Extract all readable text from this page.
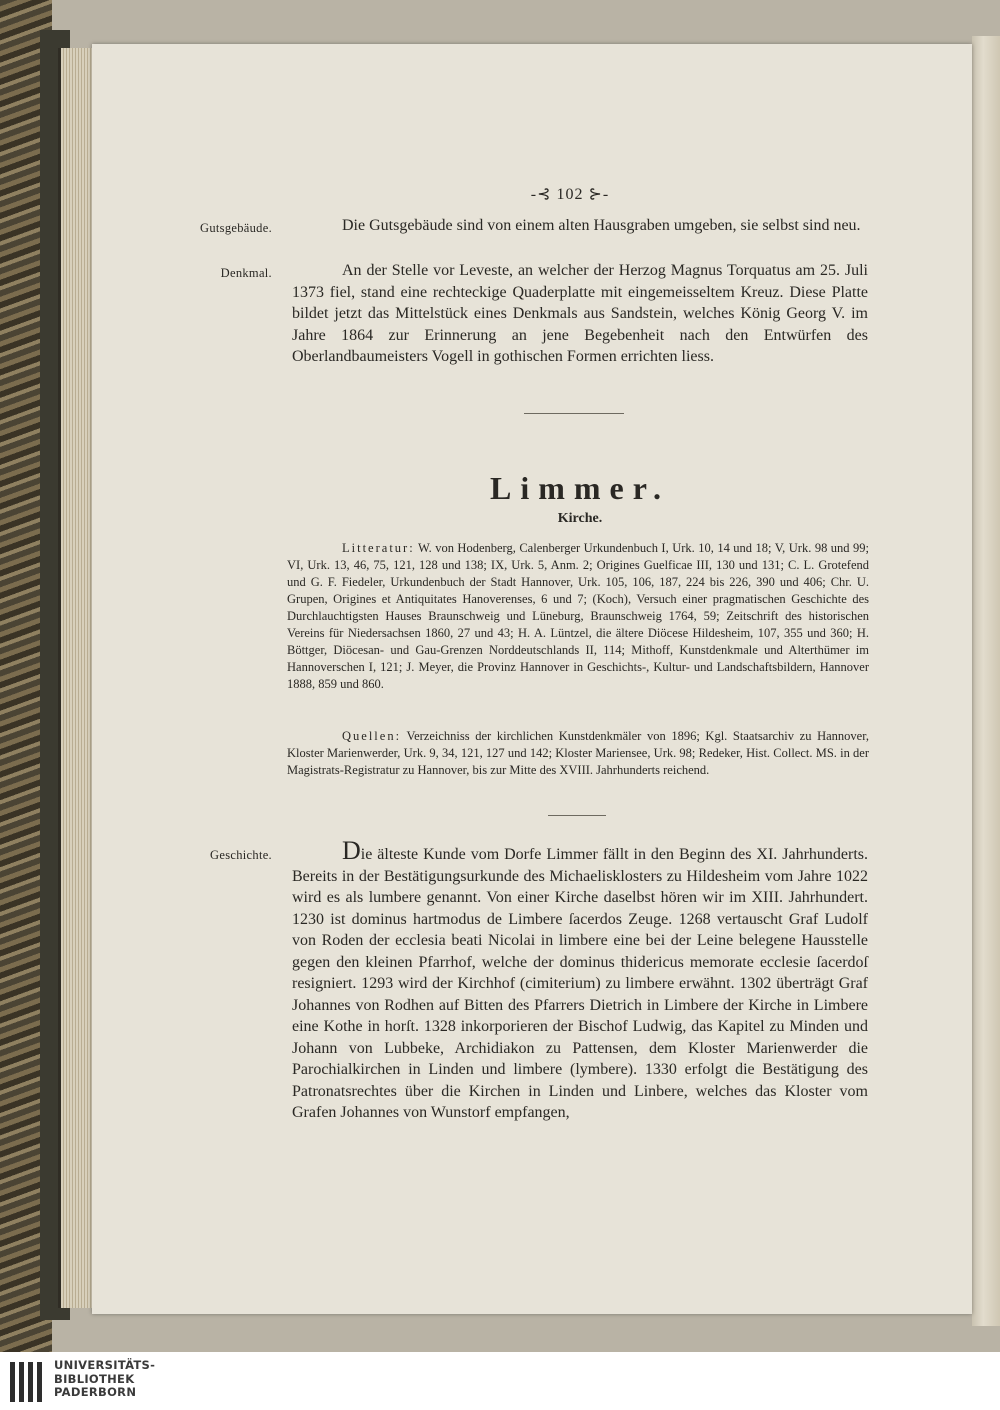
-⊰ 102 ⊱-
Gutsgebäude.	Die Gutsgebäude sind von einem alten Hausgraben umgeben, sie selbst sind neu.
Denkmal.	An der Stelle vor Leveste, an welcher der Herzog Magnus Torquatus am 25. Juli 1373 fiel, stand eine rechteckige Quaderplatte mit eingemeisseltem Kreuz. Diese Platte bildet jetzt das Mittelstück eines Denkmals aus Sandstein, welches König Georg V. im Jahre 1864 zur Erinnerung an jene Begebenheit nach den Entwürfen des Oberlandbaumeisters Vogell in gothischen Formen errichten liess.
Limmer.
Kirche.
Litteratur: W. von Hodenberg, Calenberger Urkundenbuch I, Urk. 10, 14 und 18; V, Urk. 98 und 99; VI, Urk. 13, 46, 75, 121, 128 und 138; IX, Urk. 5, Anm. 2; Origines Guelficae III, 130 und 131; C. L. Grotefend und G. F. Fiedeler, Urkundenbuch der Stadt Hannover, Urk. 105, 106, 187, 224 bis 226, 390 und 406; Chr. U. Grupen, Origines et Antiquitates Hanoverenses, 6 und 7; (Koch), Versuch einer pragmatischen Geschichte des Durchlauchtigsten Hauses Braunschweig und Lüneburg, Braunschweig 1764, 59; Zeitschrift des historischen Vereins für Niedersachsen 1860, 27 und 43; H. A. Lüntzel, die ältere Diöcese Hildesheim, 107, 355 und 360; H. Böttger, Diöcesan- und Gau-Grenzen Norddeutschlands II, 114; Mithoff, Kunstdenkmale und Alterthümer im Hannoverschen I, 121; J. Meyer, die Provinz Hannover in Geschichts-, Kultur- und Landschaftsbildern, Hannover 1888, 859 und 860.
Quellen: Verzeichniss der kirchlichen Kunstdenkmäler von 1896; Kgl. Staatsarchiv zu Hannover, Kloster Marienwerder, Urk. 9, 34, 121, 127 und 142; Kloster Mariensee, Urk. 98; Redeker, Hist. Collect. MS. in der Magistrats-Registratur zu Hannover, bis zur Mitte des XVIII. Jahrhunderts reichend.
Geschichte.	Die älteste Kunde vom Dorfe Limmer fällt in den Beginn des XI. Jahrhunderts. Bereits in der Bestätigungsurkunde des Michaelisklosters zu Hildesheim vom Jahre 1022 wird es als lumbere genannt. Von einer Kirche daselbst hören wir im XIII. Jahrhundert. 1230 ist dominus hartmodus de Limbere ſacerdos Zeuge. 1268 vertauscht Graf Ludolf von Roden der ecclesia beati Nicolai in limbere eine bei der Leine belegene Hausstelle gegen den kleinen Pfarrhof, welche der dominus thidericus memorate ecclesie ſacerdoſ resigniert. 1293 wird der Kirchhof (cimiterium) zu limbere erwähnt. 1302 überträgt Graf Johannes von Rodhen auf Bitten des Pfarrers Dietrich in Limbere der Kirche in Limbere eine Kothe in horſt. 1328 inkorporieren der Bischof Ludwig, das Kapitel zu Minden und Johann von Lubbeke, Archidiakon zu Pattensen, dem Kloster Marienwerder die Parochialkirchen in Linden und limbere (lymbere). 1330 erfolgt die Bestätigung des Patronatsrechtes über die Kirchen in Linden und Linbere, welches das Kloster vom Grafen Johannes von Wunstorf empfangen,
UNIVERSITÄTS-
BIBLIOTHEK
PADERBORN
